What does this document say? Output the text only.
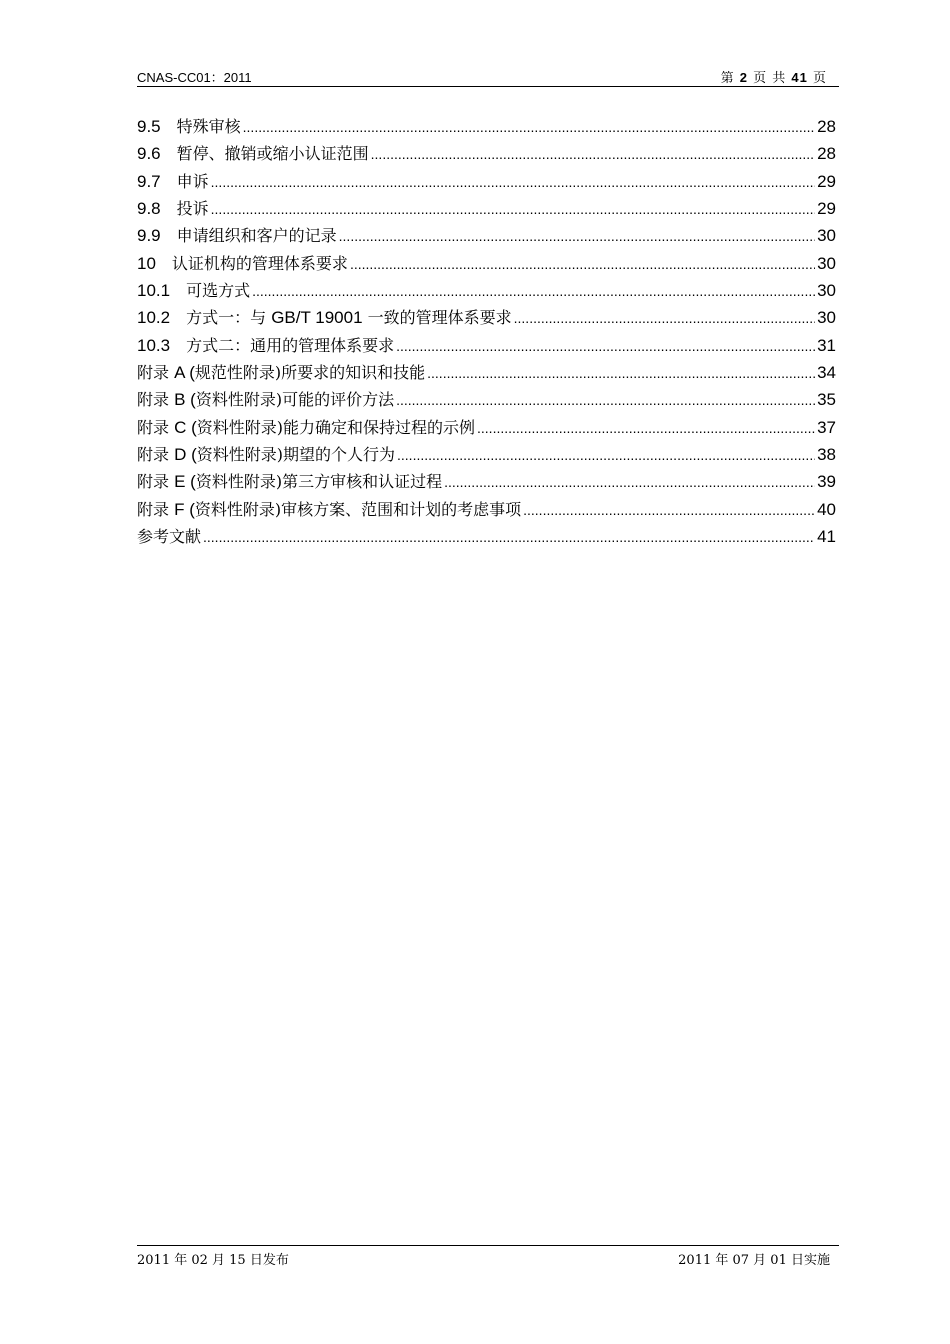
CNAS-CC01：2011	第 2 页 共 41 页
9.5 特殊审核 .....	28
9.6 暂停、撤销或缩小认证范围 .....	28
9.7 申诉 .....	29
9.8 投诉 .....	29
9.9 申请组织和客户的记录 .....	30
10 认证机构的管理体系要求 .....	30
10.1 可选方式 .....	30
10.2 方式一：与 GB/T 19001 一致的管理体系要求 .....	30
10.3 方式二：通用的管理体系要求 .....	31
附录 A (规范性附录)所要求的知识和技能 .....	34
附录 B (资料性附录)可能的评价方法 .....	35
附录 C (资料性附录)能力确定和保持过程的示例 .....	37
附录 D (资料性附录)期望的个人行为 .....	38
附录 E (资料性附录)第三方审核和认证过程 .....	39
附录 F (资料性附录)审核方案、范围和计划的考虑事项 .....	40
参考文献 .....	41
2011 年 02 月 15 日发布	2011 年 07 月 01 日实施
